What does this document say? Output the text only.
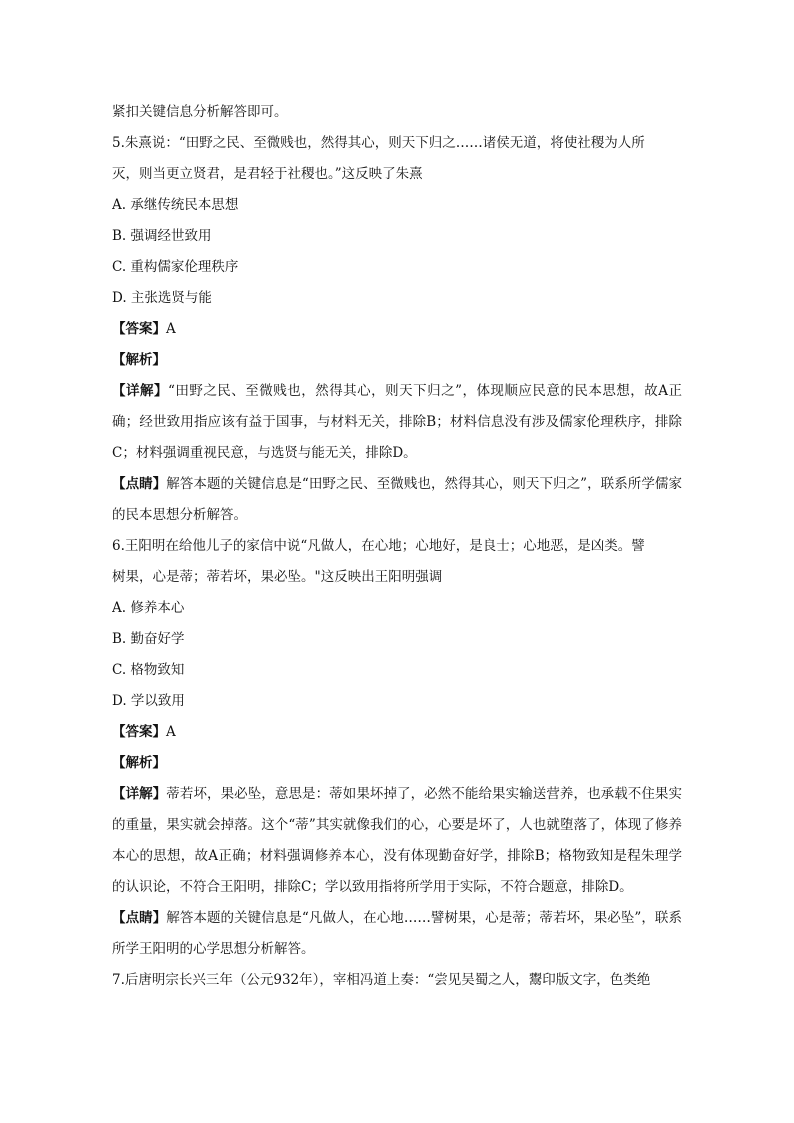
紧扣关键信息分析解答即可。
5.朱熹说：“田野之民、至微贱也，然得其心，则天下归之……诸侯无道，将使社稷为人所
灭，则当更立贤君，是君轻于社稷也。”这反映了朱熹
A. 承继传统民本思想
B. 强调经世致用
C. 重构儒家伦理秩序
D. 主张选贤与能
【答案】A
【解析】
【详解】“田野之民、至微贱也，然得其心，则天下归之”，体现顺应民意的民本思想，故A正确；经世致用指应该有益于国事，与材料无关，排除B；材料信息没有涉及儒家伦理秩序，排除C；材料强调重视民意，与选贤与能无关，排除D。
【点睛】解答本题的关键信息是“田野之民、至微贱也，然得其心，则天下归之”，联系所学儒家的民本思想分析解答。
6.王阳明在给他儿子的家信中说“凡做人，在心地；心地好，是良士；心地恶，是凶类。譬
树果，心是蒂；蒂若坏，果必坠。"这反映出王阳明强调
A. 修养本心
B. 勤奋好学
C. 格物致知
D. 学以致用
【答案】A
【解析】
【详解】蒂若坏，果必坠，意思是：蒂如果坏掉了，必然不能给果实输送营养，也承载不住果实的重量，果实就会掉落。这个“蒂”其实就像我们的心，心要是坏了，人也就堕落了，体现了修养本心的思想，故A正确；材料强调修养本心，没有体现勤奋好学，排除B；格物致知是程朱理学的认识论，不符合王阳明，排除C；学以致用指将所学用于实际，不符合题意，排除D。
【点睛】解答本题的关键信息是“凡做人，在心地……譬树果，心是蒂；蒂若坏，果必坠”，联系所学王阳明的心学思想分析解答。
7.后唐明宗长兴三年（公元932年），宰相冯道上奏：“尝见吴蜀之人，鬻印版文字，色类绝
